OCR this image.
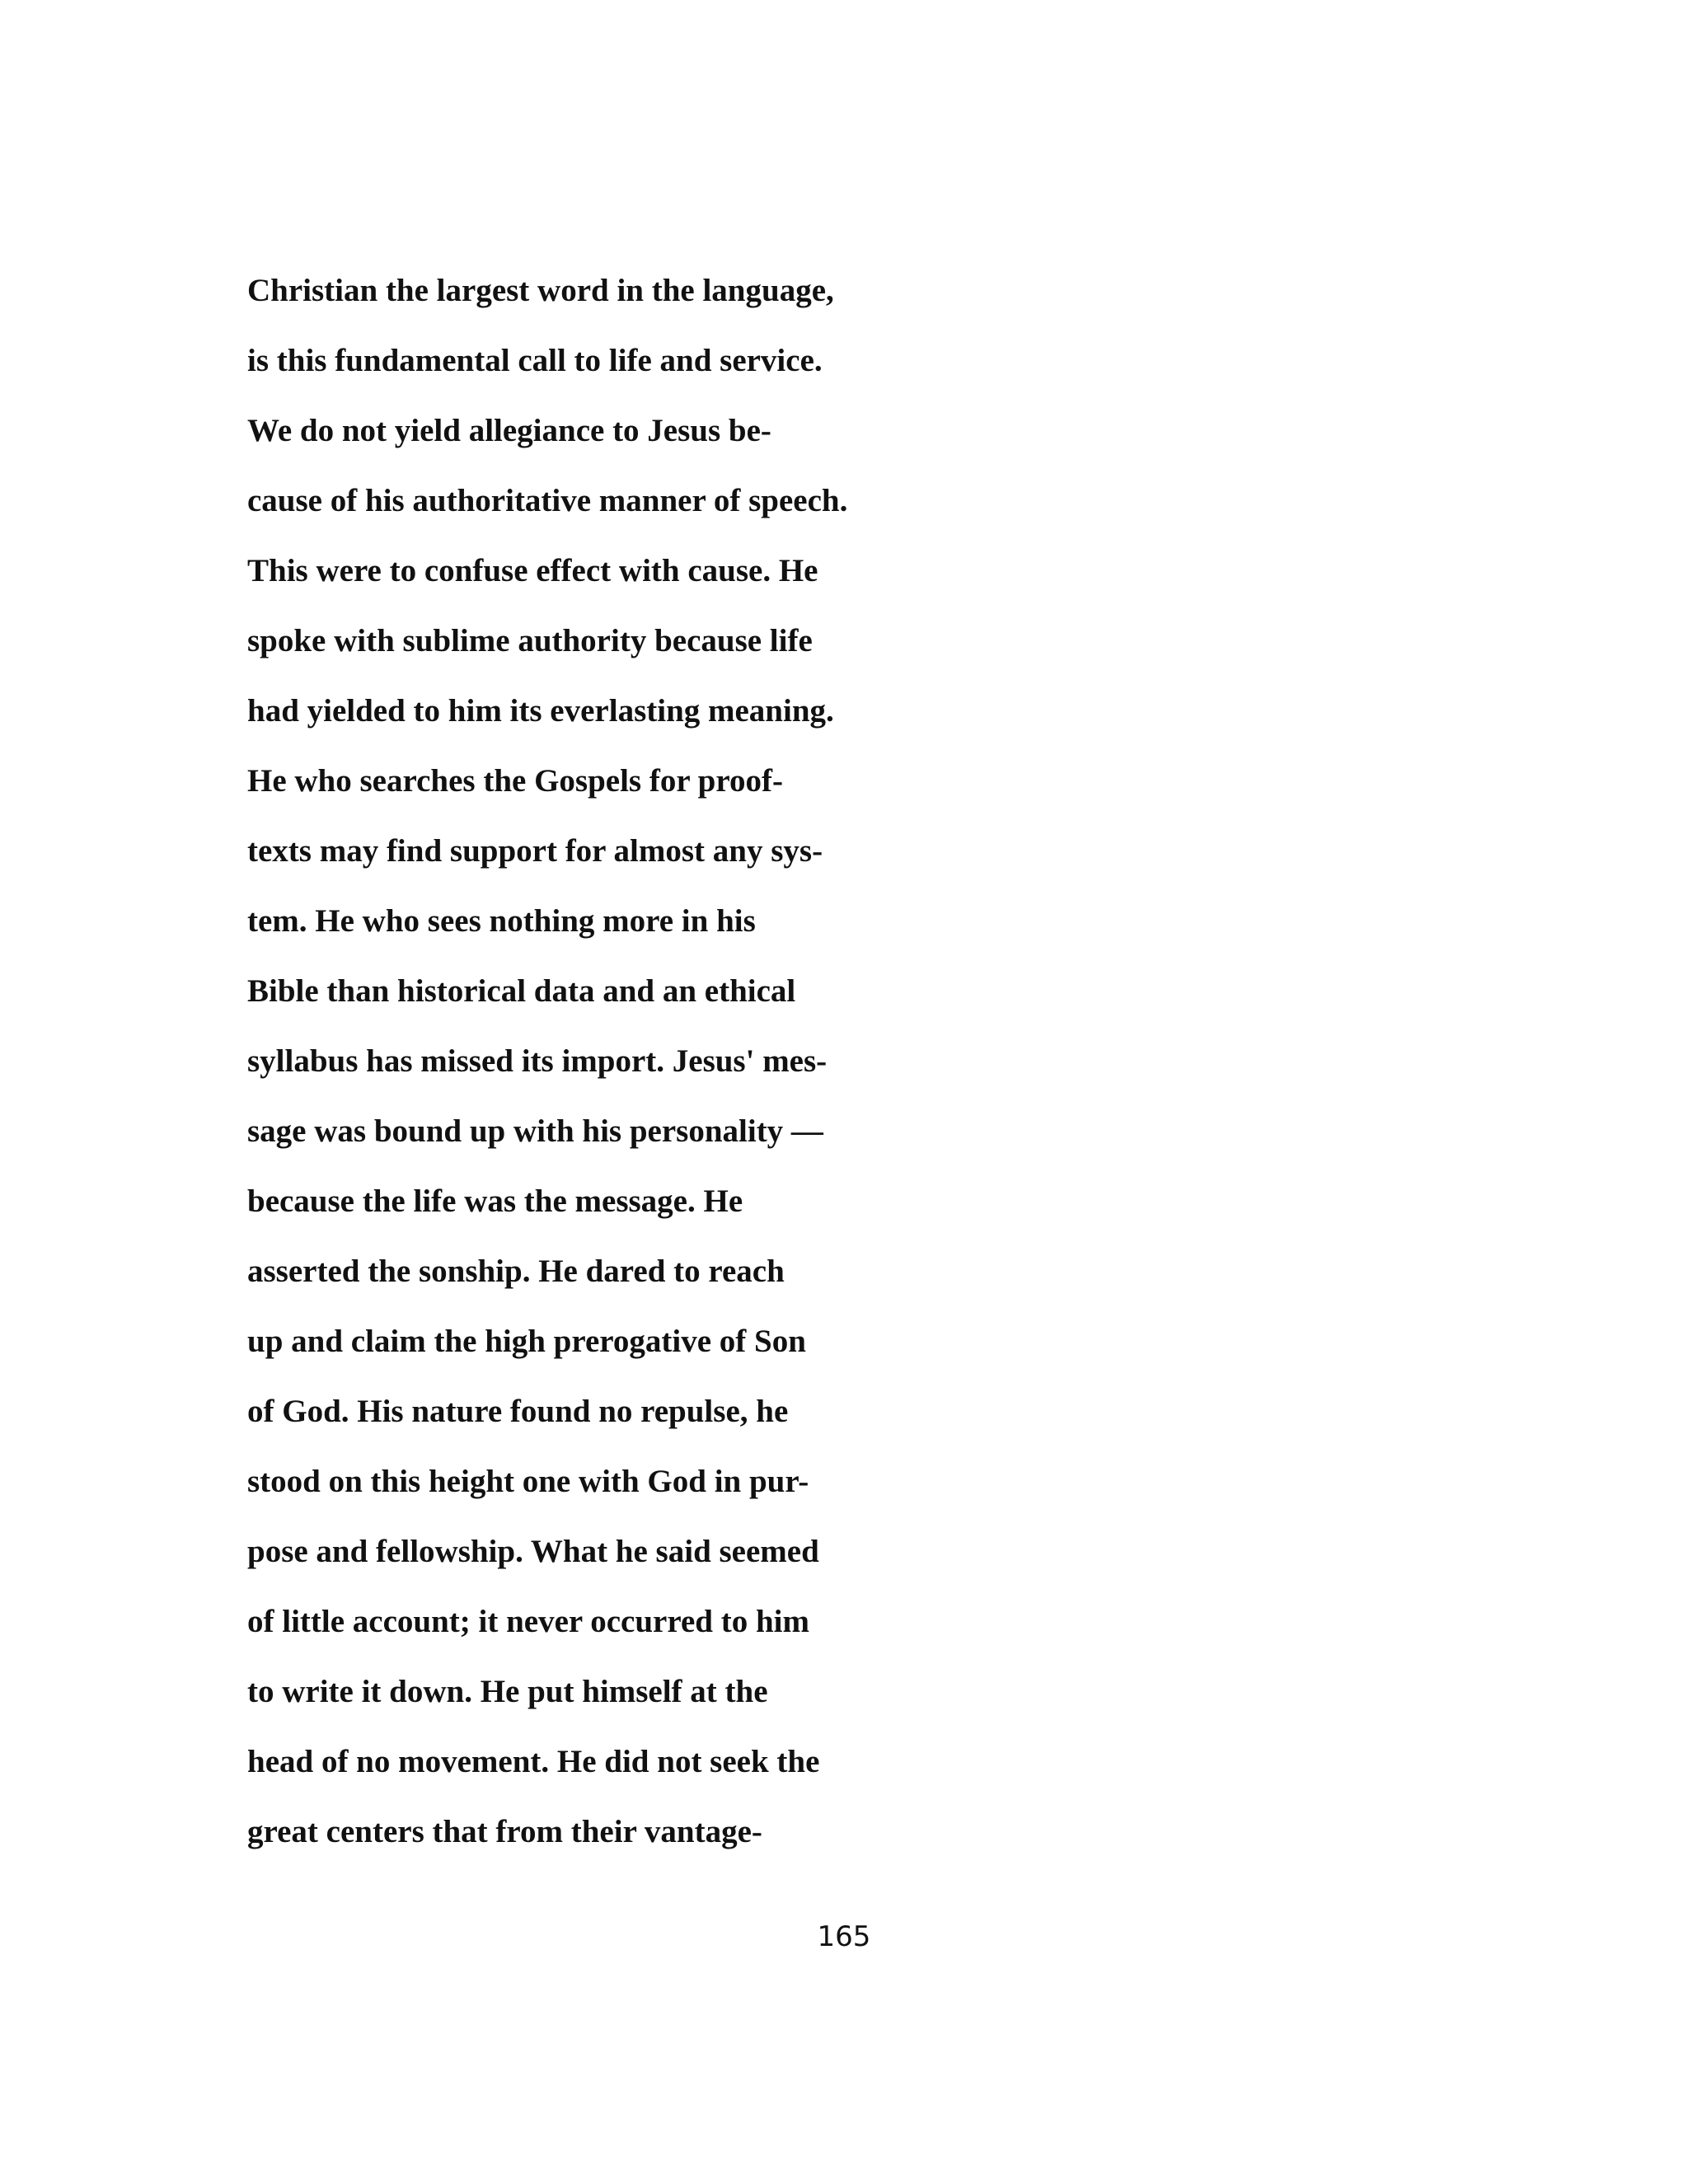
Christian the largest word in the language,
is this fundamental call to life and service.
We do not yield allegiance to Jesus be-
cause of his authoritative manner of speech.
This were to confuse effect with cause. He
spoke with sublime authority because life
had yielded to him its everlasting meaning.
He who searches the Gospels for proof-
texts may find support for almost any sys-
tem. He who sees nothing more in his
Bible than historical data and an ethical
syllabus has missed its import. Jesus' mes-
sage was bound up with his personality —
because the life was the message. He
asserted the sonship. He dared to reach
up and claim the high prerogative of Son
of God. His nature found no repulse, he
stood on this height one with God in pur-
pose and fellowship. What he said seemed
of little account; it never occurred to him
to write it down. He put himself at the
head of no movement. He did not seek the
great centers that from their vantage-
165
